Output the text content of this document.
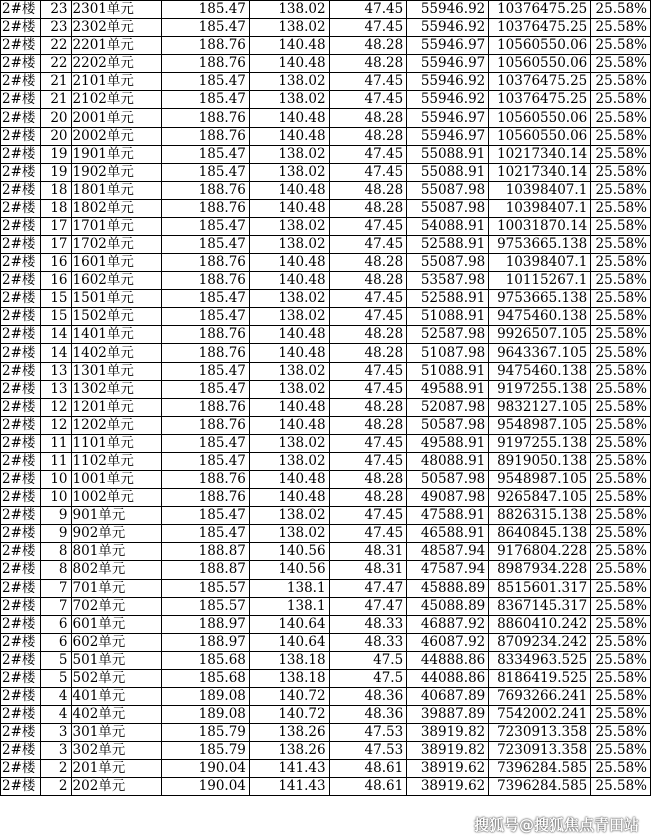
2#楼	23	2301单元	185.47	138.02	47.45	55946.92	10376475.25	25.58%
2#楼	23	2302单元	185.47	138.02	47.45	55946.92	10376475.25	25.58%
2#楼	22	2201单元	188.76	140.48	48.28	55946.97	10560550.06	25.58%
2#楼	22	2202单元	188.76	140.48	48.28	55946.97	10560550.06	25.58%
2#楼	21	2101单元	185.47	138.02	47.45	55946.92	10376475.25	25.58%
2#楼	21	2102单元	185.47	138.02	47.45	55946.92	10376475.25	25.58%
2#楼	20	2001单元	188.76	140.48	48.28	55946.97	10560550.06	25.58%
2#楼	20	2002单元	188.76	140.48	48.28	55946.97	10560550.06	25.58%
2#楼	19	1901单元	185.47	138.02	47.45	55088.91	10217340.14	25.58%
2#楼	19	1902单元	185.47	138.02	47.45	55088.91	10217340.14	25.58%
2#楼	18	1801单元	188.76	140.48	48.28	55087.98	10398407.1	25.58%
2#楼	18	1802单元	188.76	140.48	48.28	55087.98	10398407.1	25.58%
2#楼	17	1701单元	185.47	138.02	47.45	54088.91	10031870.14	25.58%
2#楼	17	1702单元	185.47	138.02	47.45	52588.91	9753665.138	25.58%
2#楼	16	1601单元	188.76	140.48	48.28	55087.98	10398407.1	25.58%
2#楼	16	1602单元	188.76	140.48	48.28	53587.98	10115267.1	25.58%
2#楼	15	1501单元	185.47	138.02	47.45	52588.91	9753665.138	25.58%
2#楼	15	1502单元	185.47	138.02	47.45	51088.91	9475460.138	25.58%
2#楼	14	1401单元	188.76	140.48	48.28	52587.98	9926507.105	25.58%
2#楼	14	1402单元	188.76	140.48	48.28	51087.98	9643367.105	25.58%
2#楼	13	1301单元	185.47	138.02	47.45	51088.91	9475460.138	25.58%
2#楼	13	1302单元	185.47	138.02	47.45	49588.91	9197255.138	25.58%
2#楼	12	1201单元	188.76	140.48	48.28	52087.98	9832127.105	25.58%
2#楼	12	1202单元	188.76	140.48	48.28	50587.98	9548987.105	25.58%
2#楼	11	1101单元	185.47	138.02	47.45	49588.91	9197255.138	25.58%
2#楼	11	1102单元	185.47	138.02	47.45	48088.91	8919050.138	25.58%
2#楼	10	1001单元	188.76	140.48	48.28	50587.98	9548987.105	25.58%
2#楼	10	1002单元	188.76	140.48	48.28	49087.98	9265847.105	25.58%
2#楼	9	901单元	185.47	138.02	47.45	47588.91	8826315.138	25.58%
2#楼	9	902单元	185.47	138.02	47.45	46588.91	8640845.138	25.58%
2#楼	8	801单元	188.87	140.56	48.31	48587.94	9176804.228	25.58%
2#楼	8	802单元	188.87	140.56	48.31	47587.94	8987934.228	25.58%
2#楼	7	701单元	185.57	138.1	47.47	45888.89	8515601.317	25.58%
2#楼	7	702单元	185.57	138.1	47.47	45088.89	8367145.317	25.58%
2#楼	6	601单元	188.97	140.64	48.33	46887.92	8860410.242	25.58%
2#楼	6	602单元	188.97	140.64	48.33	46087.92	8709234.242	25.58%
2#楼	5	501单元	185.68	138.18	47.5	44888.86	8334963.525	25.58%
2#楼	5	502单元	185.68	138.18	47.5	44088.86	8186419.525	25.58%
2#楼	4	401单元	189.08	140.72	48.36	40687.89	7693266.241	25.58%
2#楼	4	402单元	189.08	140.72	48.36	39887.89	7542002.241	25.58%
2#楼	3	301单元	185.79	138.26	47.53	38919.82	7230913.358	25.58%
2#楼	3	302单元	185.79	138.26	47.53	38919.82	7230913.358	25.58%
2#楼	2	201单元	190.04	141.43	48.61	38919.62	7396284.585	25.58%
2#楼	2	202单元	190.04	141.43	48.61	38919.62	7396284.585	25.58%
搜狐号@搜狐焦点青田站
